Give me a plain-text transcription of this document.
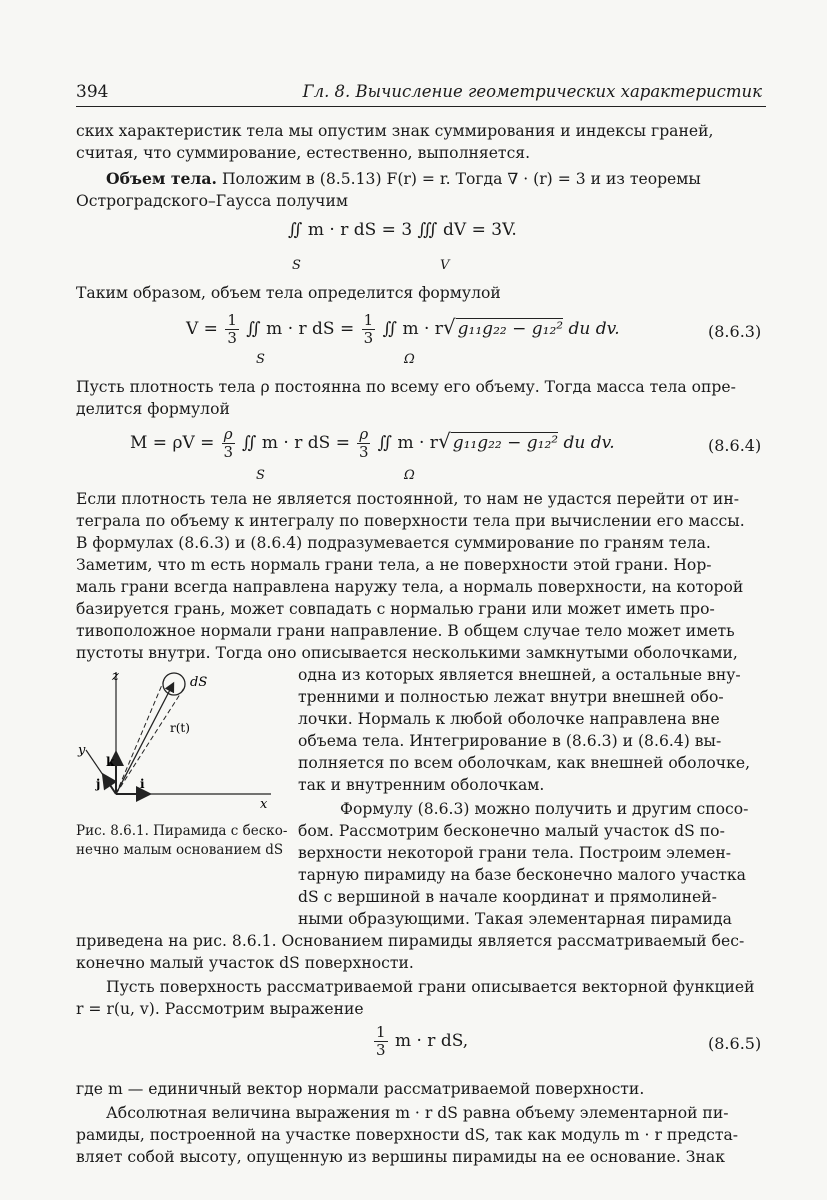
394	Гл. 8. Вычисление геометрических характеристик
ских характеристик тела мы опустим знак суммирования и индексы граней,
считая, что суммирование, естественно, выполняется.
Объем тела. Положим в (8.5.13) F(r) = r. Тогда ∇ · (r) = 3 и из теоремы
Остроградского–Гаусса получим
∬ m · r dS = 3 ∭ dV = 3V.
S	V
Таким образом, объем тела определится формулой
$V = \frac{1}{3}$ ∬ m · r dS = $\frac{1}{3}$ ∬ m · r√ g₁₁g₂₂ − g₁₂² du dv.
S	Ω
(8.6.3)
Пусть плотность тела ρ постоянна по всему его объему. Тогда масса тела опре-
делится формулой
$M = \rho V = \frac{\rho}{3}$ ∬ m · r dS = $\frac{\rho}{3}$ ∬ m · r√ g₁₁g₂₂ − g₁₂² du dv.
S	Ω
(8.6.4)
Если плотность тела не является постоянной, то нам не удастся перейти от ин-
теграла по объему к интегралу по поверхности тела при вычислении его массы.
В формулах (8.6.3) и (8.6.4) подразумевается суммирование по граням тела.
Заметим, что m есть нормаль грани тела, а не поверхности этой грани. Нор-
маль грани всегда направлена наружу тела, а нормаль поверхности, на которой
базируется грань, может совпадать с нормалью грани или может иметь про-
тивоположное нормали грани направление. В общем случае тело может иметь
пустоты внутри. Тогда оно описывается несколькими замкнутыми оболочками,
одна из которых является внешней, а остальные вну-
тренними и полностью лежат внутри внешней обо-
лочки. Нормаль к любой оболочке направлена вне
объема тела. Интегрирование в (8.6.3) и (8.6.4) вы-
полняется по всем оболочкам, как внешней оболочке,
так и внутренним оболочкам.
Формулу (8.6.3) можно получить и другим спосо-
бом. Рассмотрим бесконечно малый участок dS по-
верхности некоторой грани тела. Построим элемен-
тарную пирамиду на базе бесконечно малого участка
dS с вершиной в начале координат и прямолиней-
ными образующими. Такая элементарная пирамида
приведена на рис. 8.6.1. Основанием пирамиды является рассматриваемый бес-
конечно малый участок dS поверхности.
z
y
x
k
j	i
r(t)
dS
Рис. 8.6.1. Пирамида с беско-
нечно малым основанием dS
Пусть поверхность рассматриваемой грани описывается векторной функцией
r = r(u, v). Рассмотрим выражение
$\frac{1}{3}$ m · r dS,	(8.6.5)
где m — единичный вектор нормали рассматриваемой поверхности.
Абсолютная величина выражения m · r dS равна объему элементарной пи-
рамиды, построенной на участке поверхности dS, так как модуль m · r предста-
вляет собой высоту, опущенную из вершины пирамиды на ее основание. Знак
